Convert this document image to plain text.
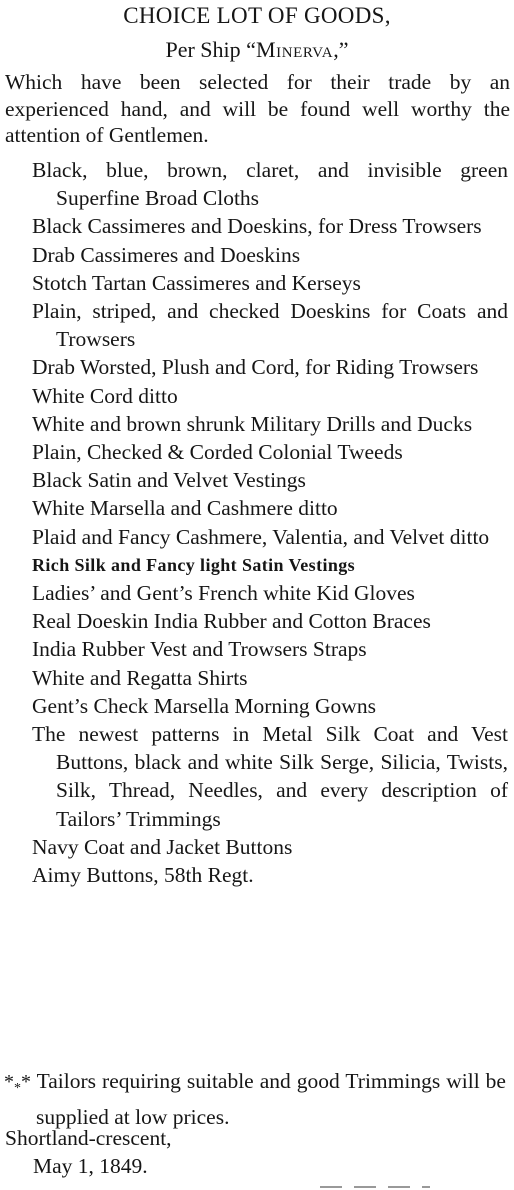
CHOICE LOT OF GOODS,
Per Ship “Minerva,”
Which have been selected for their trade by an experienced hand, and will be found well worthy the attention of Gentlemen.
Black, blue, brown, claret, and invisible green Superfine Broad Cloths
Black Cassimeres and Doeskins, for Dress Trowsers
Drab Cassimeres and Doeskins
Stotch Tartan Cassimeres and Kerseys
Plain, striped, and checked Doeskins for Coats and Trowsers
Drab Worsted, Plush and Cord, for Riding Trowsers
White Cord ditto
White and brown shrunk Military Drills and Ducks
Plain, Checked & Corded Colonial Tweeds
Black Satin and Velvet Vestings
White Marsella and Cashmere ditto
Plaid and Fancy Cashmere, Valentia, and Velvet ditto
Rich Silk and Fancy light Satin Vestings
Ladies’ and Gent’s French white Kid Gloves
Real Doeskin India Rubber and Cotton Braces
India Rubber Vest and Trowsers Straps
White and Regatta Shirts
Gent’s Check Marsella Morning Gowns
The newest patterns in Metal Silk Coat and Vest Buttons, black and white Silk Serge, Silicia, Twists, Silk, Thread, Needles, and every description of Tailors’ Trimmings
Navy Coat and Jacket Buttons
Aimy Buttons, 58th Regt.
$*_**$ Tailors requiring suitable and good Trimmings will be supplied at low prices.
Shortland-crescent,
May 1, 1849.
